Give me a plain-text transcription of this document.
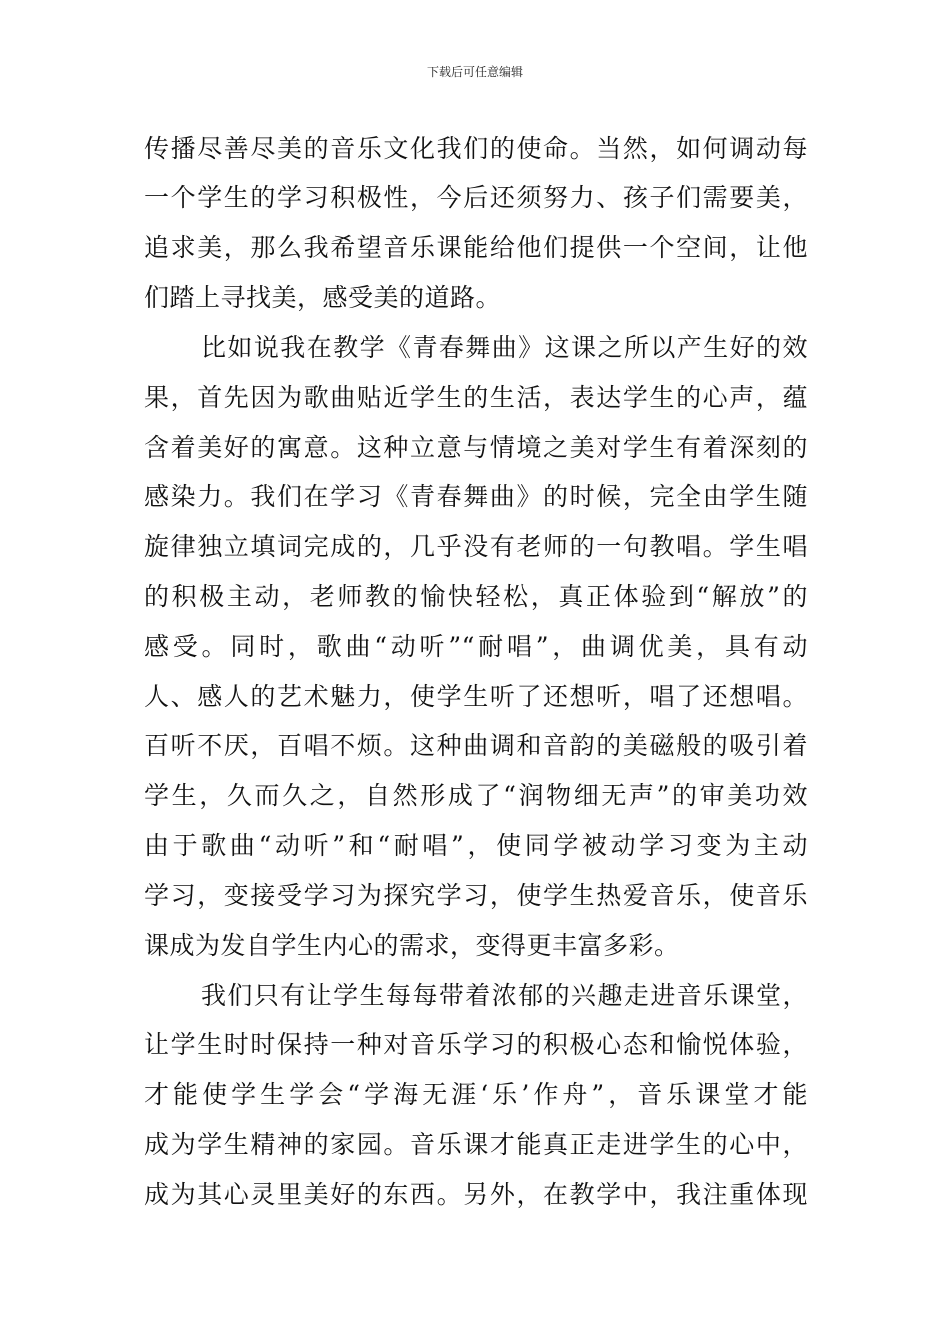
下载后可任意编辑
传播尽善尽美的音乐文化我们的使命。当然，如何调动每
一个学生的学习积极性，今后还须努力、孩子们需要美，
追求美，那么我希望音乐课能给他们提供一个空间，让他
们踏上寻找美，感受美的道路。
比如说我在教学《青春舞曲》这课之所以产生好的效
果，首先因为歌曲贴近学生的生活，表达学生的心声，蕴
含着美好的寓意。这种立意与情境之美对学生有着深刻的
感染力。我们在学习《青春舞曲》的时候，完全由学生随
旋律独立填词完成的，几乎没有老师的一句教唱。学生唱
的积极主动，老师教的愉快轻松，真正体验到“解放”的
感受。同时，歌曲“动听”“耐唱”，曲调优美，具有动
人、感人的艺术魅力，使学生听了还想听，唱了还想唱。
百听不厌，百唱不烦。这种曲调和音韵的美磁般的吸引着
学生，久而久之，自然形成了“润物细无声”的审美功效
由于歌曲“动听”和“耐唱”，使同学被动学习变为主动
学习，变接受学习为探究学习，使学生热爱音乐，使音乐
课成为发自学生内心的需求，变得更丰富多彩。
我们只有让学生每每带着浓郁的兴趣走进音乐课堂，
让学生时时保持一种对音乐学习的积极心态和愉悦体验，
才能使学生学会“学海无涯‘乐’作舟”，音乐课堂才能
成为学生精神的家园。音乐课才能真正走进学生的心中，
成为其心灵里美好的东西。另外，在教学中，我注重体现
